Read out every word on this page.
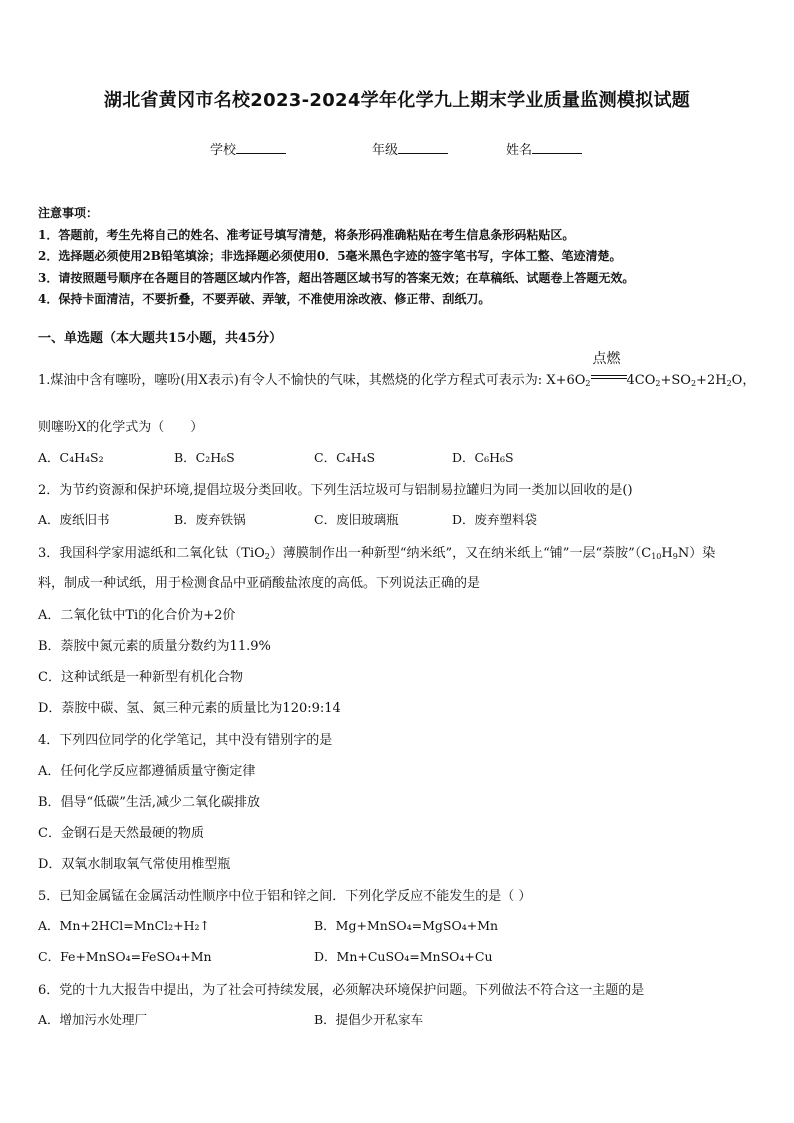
湖北省黄冈市名校2023-2024学年化学九上期末学业质量监测模拟试题
学校	年级	姓名
注意事项：
1．答题前，考生先将自己的姓名、准考证号填写清楚，将条形码准确粘贴在考生信息条形码粘贴区。
2．选择题必须使用2B铅笔填涂；非选择题必须使用0．5毫米黑色字迹的签字笔书写，字体工整、笔迹清楚。
3．请按照题号顺序在各题目的答题区域内作答，超出答题区域书写的答案无效；在草稿纸、试题卷上答题无效。
4．保持卡面清洁，不要折叠，不要弄破、弄皱，不准使用涂改液、修正带、刮纸刀。
一、单选题（本大题共15小题，共45分）
1.煤油中含有噻吩，噻吩(用X表示)有令人不愉快的气味，其燃烧的化学方程式可表示为: $X+6O_2$
点燃
$4CO_2+SO_2+2H_2O$，
则噻吩X的化学式为（　　）
A．C₄H₄S₂	B．C₂H₆S	C．C₄H₄S	D．C₆H₆S
2．为节约资源和保护环境,提倡垃圾分类回收。下列生活垃圾可与铝制易拉罐归为同一类加以回收的是()
A．废纸旧书	B．废弃铁锅	C．废旧玻璃瓶	D．废弃塑料袋
3．我国科学家用滤纸和二氧化钛（TiO$_2$）薄膜制作出一种新型“纳米纸”，又在纳米纸上“铺”一层“萘胺$”(C_{10}H_9N)$染
料，制成一种试纸，用于检测食品中亚硝酸盐浓度的高低。下列说法正确的是
A．二氧化钛中Ti的化合价为+2价
B．萘胺中氮元素的质量分数约为11.9%
C．这种试纸是一种新型有机化合物
D．萘胺中碳、氢、氮三种元素的质量比为120:9:14
4．下列四位同学的化学笔记，其中没有错别字的是
A．任何化学反应都遵循质量守衡定律
B．倡导“低碳”生活,减少二氧化碳排放
C．金钢石是天然最硬的物质
D．双氧水制取氧气常使用椎型瓶
5．已知金属锰在金属活动性顺序中位于铝和锌之间．下列化学反应不能发生的是（ ）
A．Mn+2HCl=MnCl₂+H₂↑	B．Mg+MnSO₄=MgSO₄+Mn
C．Fe+MnSO₄=FeSO₄+Mn	D．Mn+CuSO₄=MnSO₄+Cu
6．党的十九大报告中提出，为了社会可持续发展，必须解决环境保护问题。下列做法不符合这一主题的是
A．增加污水处理厂	B．提倡少开私家车
